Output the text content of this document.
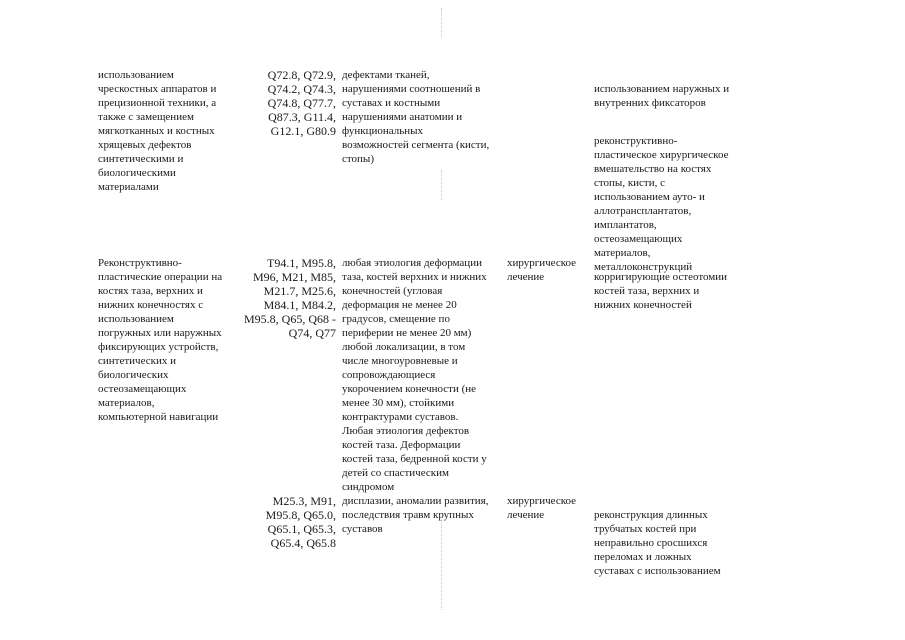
использованием
чрескостных аппаратов и
прецизионной техники, а
также с замещением
мягкотканных и костных
хрящевых дефектов
синтетическими и
биологическими
материалами
Q72.8, Q72.9,
Q74.2, Q74.3,
Q74.8, Q77.7,
Q87.3, G11.4,
G12.1, G80.9
дефектами тканей,
нарушениями соотношений в
суставах и костными
нарушениями анатомии и
функциональных
возможностей сегмента (кисти,
стопы)

использованием наружных и
внутренних фиксаторов

реконструктивно-
пластическое хирургическое
вмешательство на костях
стопы, кисти, с
использованием ауто- и
аллотрансплантатов,
имплантатов,
остеозамещающих
материалов,
металлоконструкций

Реконструктивно-
пластические операции на
костях таза, верхних и
нижних конечностях с
использованием
погружных или наружных
фиксирующих устройств,
синтетических и
биологических
остеозамещающих
материалов,
компьютерной навигации
T94.1, M95.8,
M96, M21, M85,
M21.7, M25.6,
M84.1, M84.2,
M95.8, Q65, Q68 -
Q74, Q77
любая этиология деформации
таза, костей верхних и нижних
конечностей (угловая
деформация не менее 20
градусов, смещение по
периферии не менее 20 мм)
любой локализации, в том
числе многоуровневые и
сопровождающиеся
укорочением конечности (не
менее 30 мм), стойкими
контрактурами суставов.
Любая этиология дефектов
костей таза. Деформации
костей таза, бедренной кости у
детей со спастическим
синдромом
хирургическое
лечение	корригирующие остеотомии
костей таза, верхних и
нижних конечностей

M25.3, M91,
M95.8, Q65.0,
Q65.1, Q65.3,
Q65.4, Q65.8
дисплазии, аномалии развития,
последствия травм крупных
суставов
хирургическое
лечение	реконструкция длинных
трубчатых костей при
неправильно сросшихся
переломах и ложных
суставах с использованием
